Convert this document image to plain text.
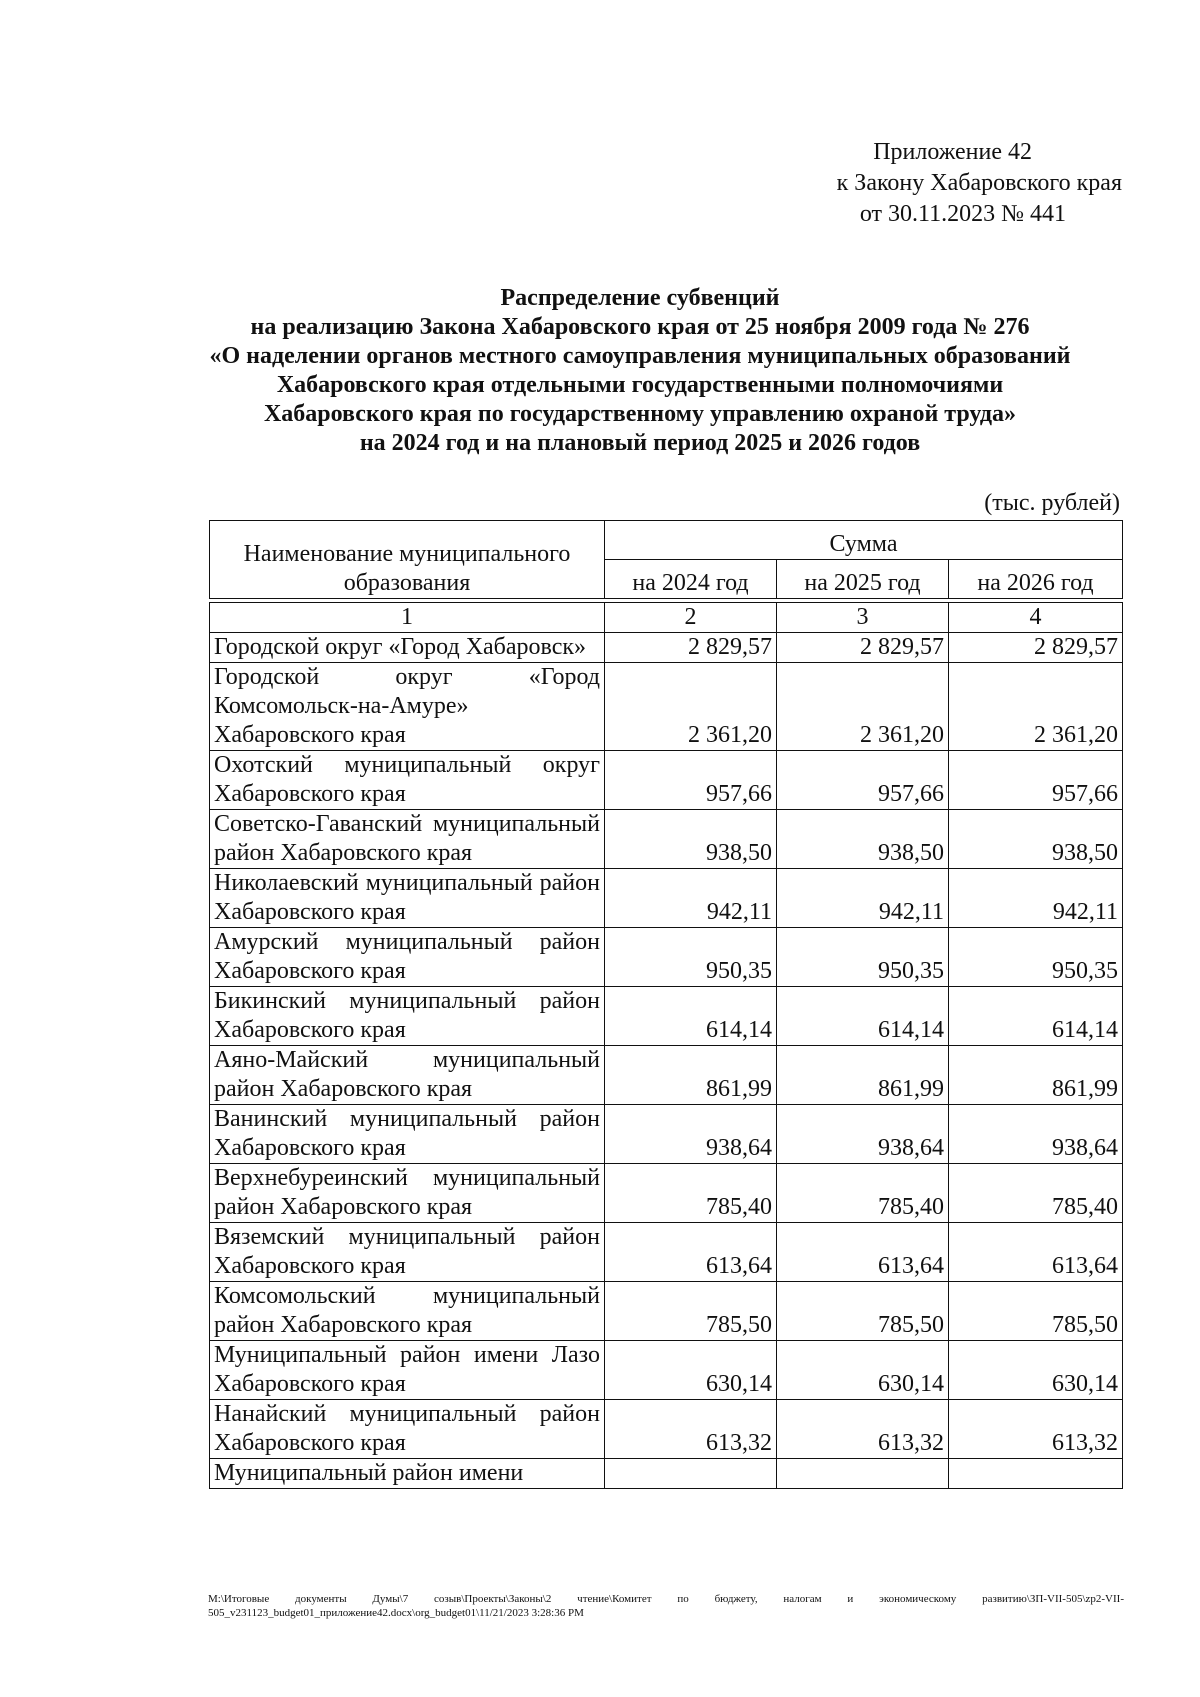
Приложение 42
к Закону Хабаровского края
от 30.11.2023 № 441
Распределение субвенций
на реализацию Закона Хабаровского края от 25 ноября 2009 года № 276
«О наделении органов местного самоуправления муниципальных образований
Хабаровского края отдельными государственными полномочиями
Хабаровского края по государственному управлению охраной труда»
на 2024 год и на плановый период 2025 и 2026 годов
(тыс. рублей)
Наименование муниципального образования	Сумма		
	на 2024 год	на 2025 год	на 2026 год

1	2	3	4
Городской округ «Город Хабаровск»	2 829,57	2 829,57	2 829,57
Городской округ «Город Комсомольск-на-Амуре» Хабаровского края	2 361,20	2 361,20	2 361,20
Охотский муниципальный округ Хабаровского края	957,66	957,66	957,66
Советско-Гаванский муниципальный район Хабаровского края	938,50	938,50	938,50
Николаевский муниципальный район Хабаровского края	942,11	942,11	942,11
Амурский муниципальный район Хабаровского края	950,35	950,35	950,35
Бикинский муниципальный район Хабаровского края	614,14	614,14	614,14
Аяно-Майский муниципальный район Хабаровского края	861,99	861,99	861,99
Ванинский муниципальный район Хабаровского края	938,64	938,64	938,64
Верхнебуреинский муниципальный район Хабаровского края	785,40	785,40	785,40
Вяземский муниципальный район Хабаровского края	613,64	613,64	613,64
Комсомольский муниципальный район Хабаровского края	785,50	785,50	785,50
Муниципальный район имени Лазо Хабаровского края	630,14	630,14	630,14
Нанайский муниципальный район Хабаровского края	613,32	613,32	613,32
Муниципальный район имени			
M:\Итоговые документы Думы\7 созыв\Проекты\Законы\2 чтение\Комитет по бюджету, налогам и экономическому развитию\ЗП-VII-505\zp2-VII-505_v231123_budget01_приложение42.docx\org_budget01\11/21/2023 3:28:36 PM
